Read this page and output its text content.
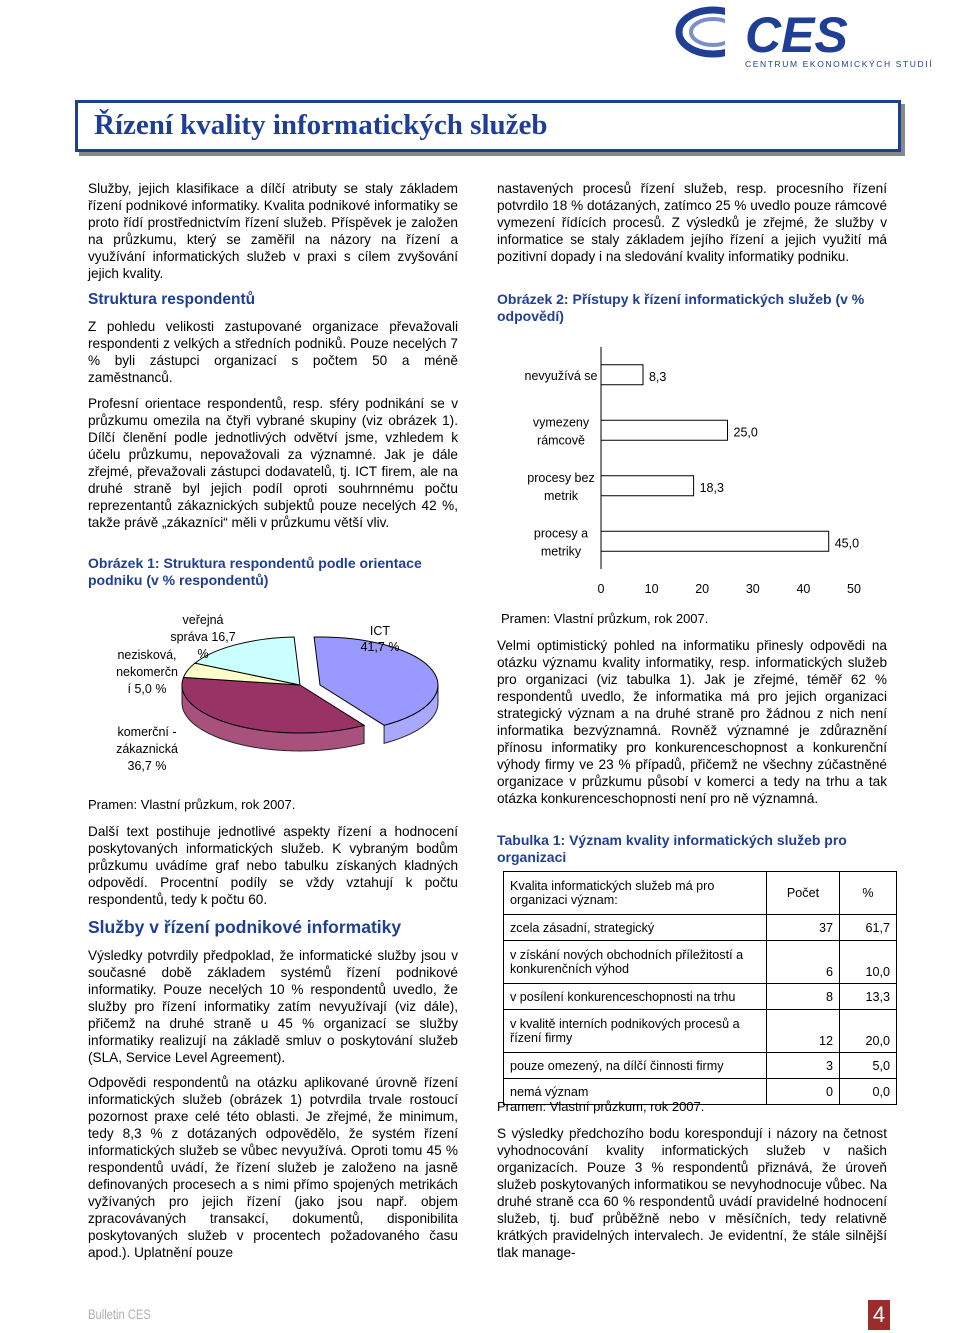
CES
CENTRUM EKONOMICKÝCH STUDIÍ
Řízení kvality informatických služeb

Služby, jejich klasifikace a dílčí atributy se staly základem řízení podnikové informatiky. Kvalita podnikové informatiky se proto řídí prostřednictvím řízení služeb. Příspěvek je založen na průzkumu, který se zaměřil na názory na řízení a využívání informatických služeb v praxi s cílem zvyšování jejich kvality.

Struktura respondentů

Z pohledu velikosti zastupované organizace převažovali respondenti z velkých a středních podniků. Pouze necelých 7 % byli zástupci organizací s počtem 50 a méně zaměstnanců.

Profesní orientace respondentů, resp. sféry podnikání se v průzkumu omezila na čtyři vybrané skupiny (viz obrázek 1). Dílčí členění podle jednotlivých odvětví jsme, vzhledem k účelu průzkumu, nepovažovali za významné. Jak je dále zřejmé, převažovali zástupci dodavatelů, tj. ICT firem, ale na druhé straně byl jejich podíl oproti souhrnnému počtu reprezentantů zákaznických subjektů pouze necelých 42 %, takže právě „zákazníci“ měli v průzkumu větší vliv.

Obrázek 1: Struktura respondentů podle orientace podniku (v % respondentů)
ICT
41,7 %
veřejná
správa 16,7
%
nezisková,
nekomerčn
í 5,0 %
komerční -
zákaznická
36,7 %
Pramen: Vlastní průzkum, rok 2007.

Další text postihuje jednotlivé aspekty řízení a hodnocení poskytovaných informatických služeb. K vybraným bodům průzkumu uvádíme graf nebo tabulku získaných kladných odpovědí. Procentní podíly se vždy vztahují k počtu respondentů, tedy k počtu 60.

Služby v řízení podnikové informatiky

Výsledky potvrdily předpoklad, že informatické služby jsou v současné době základem systémů řízení podnikové informatiky. Pouze necelých 10 % respondentů uvedlo, že služby pro řízení informatiky zatím nevyužívají (viz dále), přičemž na druhé straně u 45 % organizací se služby informatiky realizují na základě smluv o poskytování služeb (SLA, Service Level Agreement).

Odpovědi respondentů na otázku aplikované úrovně řízení informatických služeb (obrázek 1) potvrdila trvale rostoucí pozornost praxe celé této oblasti. Je zřejmé, že minimum, tedy 8,3 % z dotázaných odpovědělo, že systém řízení informatických služeb se vůbec nevyužívá. Oproti tomu 45 % respondentů uvádí, že řízení služeb je založeno na jasně definovaných procesech a s nimi přímo spojených metrikách vyžívaných pro jejich řízení (jako jsou např. objem zpracovávaných transakcí, dokumentů, disponibilita poskytovaných služeb v procentech požadovaného času apod.). Uplatnění pouze

nastavených procesů řízení služeb, resp. procesního řízení potvrdilo 18 % dotázaných, zatímco 25 % uvedlo pouze rámcové vymezení řídících procesů. Z výsledků je zřejmé, že služby v informatice se staly základem jejího řízení a jejich využití má pozitivní dopady i na sledování kvality informatiky podniku.

Obrázek 2: Přístupy k řízení informatických služeb (v % odpovědí)
8,3
nevyužívá se
25,0
vymezeny
rámcově
18,3
procesy bez
metrik
45,0
procesy a
metriky
0	10	20	30	40	50
Pramen: Vlastní průzkum, rok 2007.

Velmi optimistický pohled na informatiku přinesly odpovědi na otázku významu kvality informatiky, resp. informatických služeb pro organizaci (viz tabulka 1). Jak je zřejmé, téměř 62 % respondentů uvedlo, že informatika má pro jejich organizaci strategický význam a na druhé straně pro žádnou z nich není informatika bezvýznamná. Rovněž významné je zdůraznění přínosu informatiky pro konkurenceschopnost a konkurenční výhody firmy ve 23 % případů, přičemž ne všechny zúčastněné organizace v průzkumu působí v komerci a tedy na trhu a tak otázka konkurenceschopnosti není pro ně významná.

Tabulka 1: Význam kvality informatických služeb pro organizaci
Kvalita informatických služeb má pro organizaci význam:	Počet	%
zcela zásadní, strategický	37	61,7
v získání nových obchodních příležitostí a konkurenčních výhod	6	10,0
v posílení konkurenceschopnosti na trhu	8	13,3
v kvalitě interních podnikových procesů a řízení firmy	12	20,0
pouze omezený, na dílčí činnosti firmy	3	5,0
nemá význam	0	0,0
Pramen: Vlastní průzkum, rok 2007.

S výsledky předchozího bodu korespondují i názory na četnost vyhodnocování kvality informatických služeb v našich organizacích. Pouze 3 % respondentů přiznává, že úroveň služeb poskytovaných informatikou se nevyhodnocuje vůbec. Na druhé straně cca 60 % respondentů uvádí pravidelné hodnocení služeb, tj. buď průběžně nebo v měsíčních, tedy relativně krátkých pravidelných intervalech. Je evidentní, že stále silnější tlak manage-

Bulletin CES	4
